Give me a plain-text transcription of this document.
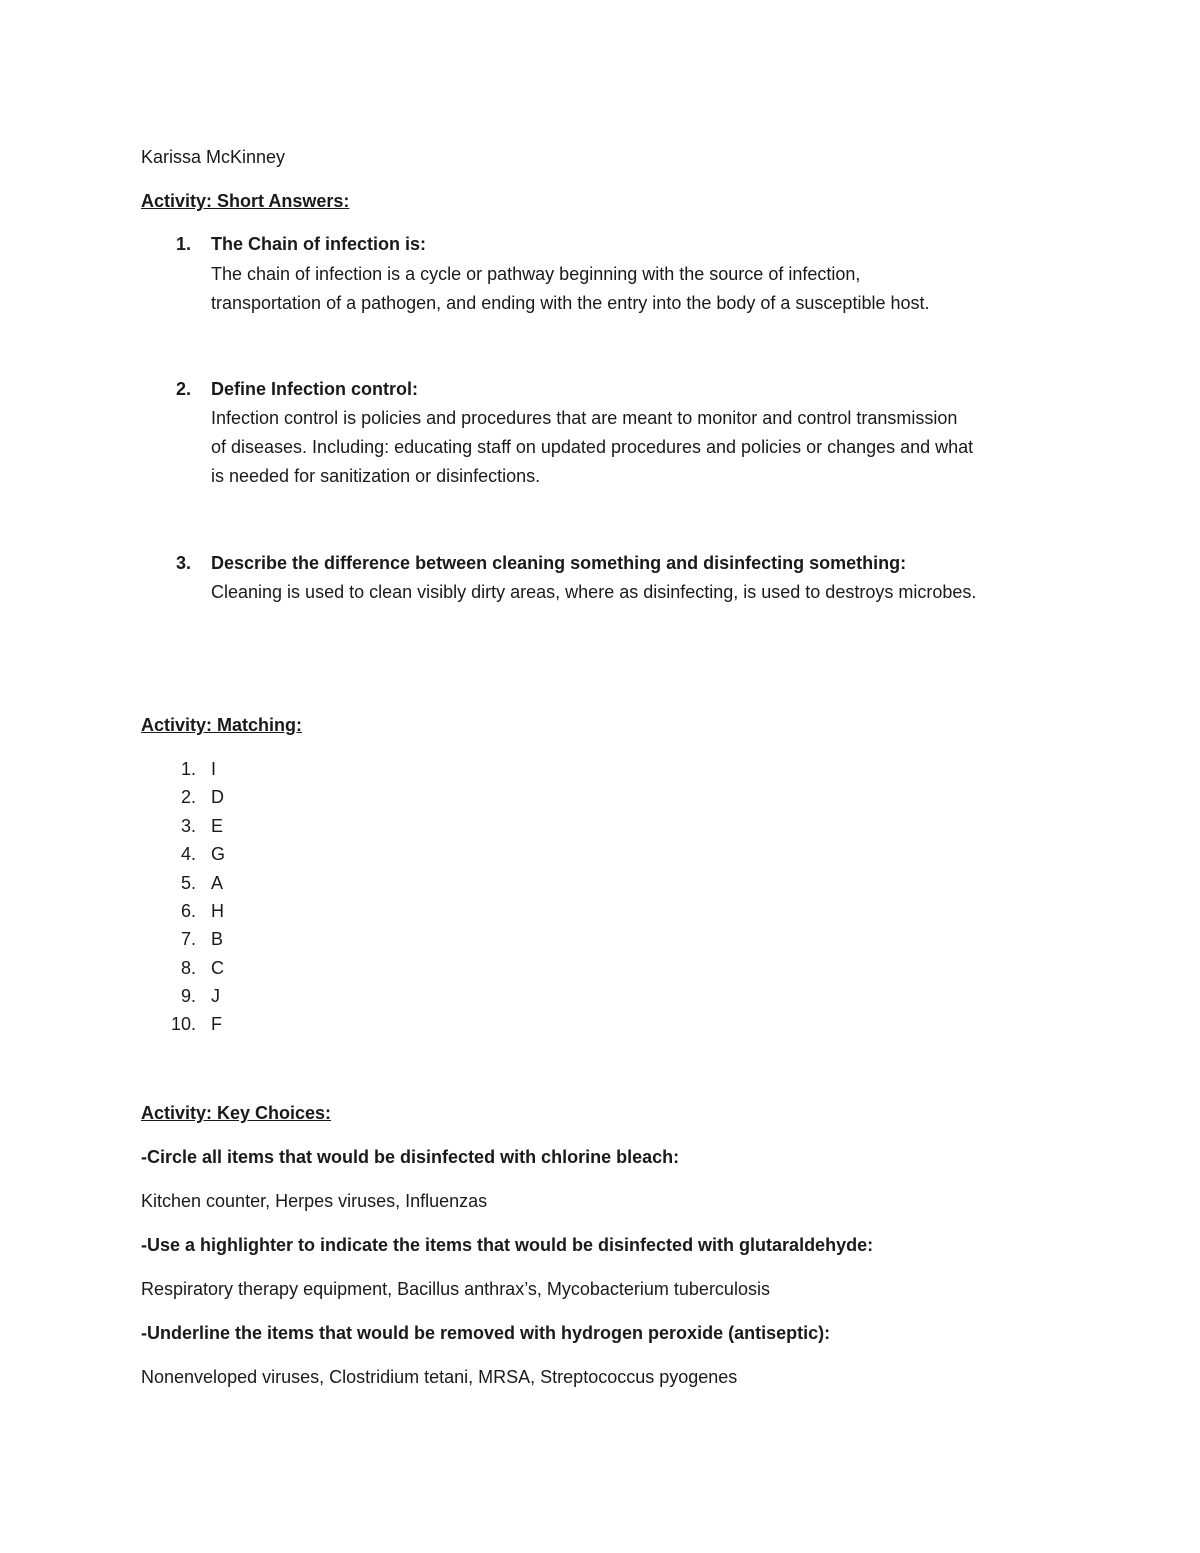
Karissa McKinney
Activity: Short Answers:
1. The Chain of infection is:
The chain of infection is a cycle or pathway beginning with the source of infection,
transportation of a pathogen, and ending with the entry into the body of a susceptible host.
2. Define Infection control:
Infection control is policies and procedures that are meant to monitor and control transmission
of diseases. Including: educating staff on updated procedures and policies or changes and what
is needed for sanitization or disinfections.
3. Describe the difference between cleaning something and disinfecting something:
Cleaning is used to clean visibly dirty areas, where as disinfecting, is used to destroys microbes.
Activity: Matching:
1. I
2. D
3. E
4. G
5. A
6. H
7. B
8. C
9. J
10. F
Activity: Key Choices:
-Circle all items that would be disinfected with chlorine bleach:
Kitchen counter, Herpes viruses, Influenzas
-Use a highlighter to indicate the items that would be disinfected with glutaraldehyde:
Respiratory therapy equipment, Bacillus anthrax’s, Mycobacterium tuberculosis
-Underline the items that would be removed with hydrogen peroxide (antiseptic):
Nonenveloped viruses, Clostridium tetani, MRSA, Streptococcus pyogenes
